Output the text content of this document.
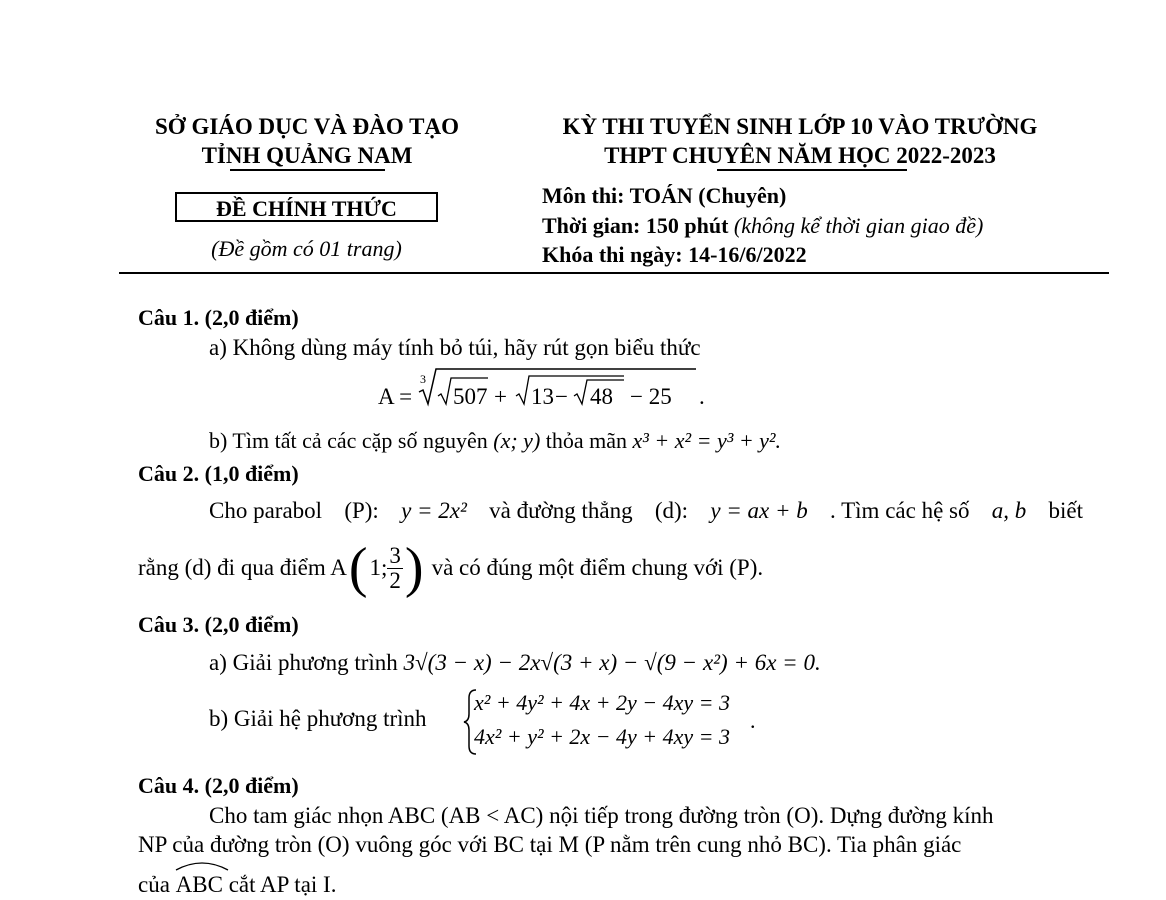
SỞ GIÁO DỤC VÀ ĐÀO TẠO
TỈNH QUẢNG NAM
ĐỀ CHÍNH THỨC
(Đề gồm có 01 trang)
KỲ THI TUYỂN SINH LỚP 10 VÀO TRƯỜNG
THPT CHUYÊN NĂM HỌC 2022-2023
Môn thi: TOÁN (Chuyên)
Thời gian: 150 phút (không kể thời gian giao đề)
Khóa thi ngày: 14-16/6/2022
Câu 1. (2,0 điểm)
a) Không dùng máy tính bỏ túi, hãy rút gọn biểu thức
A =
3
507 + 13 − 48 − 25 .
b) Tìm tất cả các cặp số nguyên (x; y) thỏa mãn x³ + x² = y³ + y².
Câu 2. (1,0 điểm)
Cho parabol (P): y = 2x² và đường thẳng (d): y = ax + b . Tìm các hệ số a, b biết
rằng (d) đi qua điểm A ( 1; $\frac{3}{2}$ ) và có đúng một điểm chung với (P).
Câu 3. (2,0 điểm)
a) Giải phương trình 3√(3 − x) − 2x√(3 + x) − √(9 − x²) + 6x = 0.
b) Giải hệ phương trình
x² + 4y² + 4x + 2y − 4xy = 3
4x² + y² + 2x − 4y + 4xy = 3
.
Câu 4. (2,0 điểm)
Cho tam giác nhọn ABC (AB < AC) nội tiếp trong đường tròn (O). Dựng đường kính
NP của đường tròn (O) vuông góc với BC tại M (P nằm trên cung nhỏ BC). Tia phân giác
của ABC cắt AP tại I.
